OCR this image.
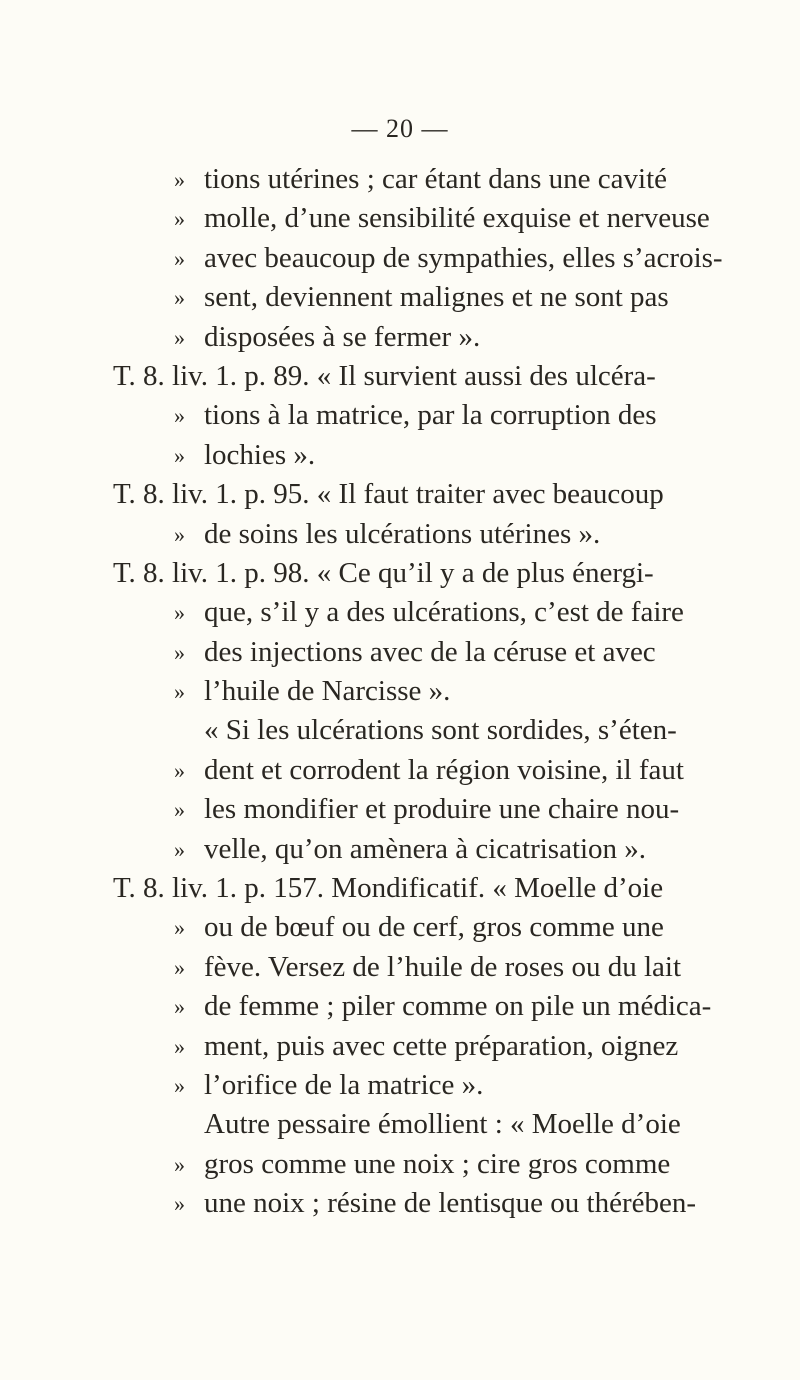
— 20 —
» tions utérines ; car étant dans une cavité
» molle, d’une sensibilité exquise et nerveuse
» avec beaucoup de sympathies, elles s’acrois-
» sent, deviennent malignes et ne sont pas
» disposées à se fermer ».
T. 8. liv. 1. p. 89. « Il survient aussi des ulcéra-
» tions à la matrice, par la corruption des
» lochies ».
T. 8. liv. 1. p. 95. « Il faut traiter avec beaucoup
» de soins les ulcérations utérines ».
T. 8. liv. 1. p. 98. « Ce qu’il y a de plus énergi-
» que, s’il y a des ulcérations, c’est de faire
» des injections avec de la céruse et avec
» l’huile de Narcisse ».
« Si les ulcérations sont sordides, s’éten-
» dent et corrodent la région voisine, il faut
» les mondifier et produire une chaire nou-
» velle, qu’on amènera à cicatrisation ».
T. 8. liv. 1. p. 157. Mondificatif. « Moelle d’oie
» ou de bœuf ou de cerf, gros comme une
» fève. Versez de l’huile de roses ou du lait
» de femme ; piler comme on pile un médica-
» ment, puis avec cette préparation, oignez
» l’orifice de la matrice ».
Autre pessaire émollient : « Moelle d’oie
» gros comme une noix ; cire gros comme
» une noix ; résine de lentisque ou thérében-
